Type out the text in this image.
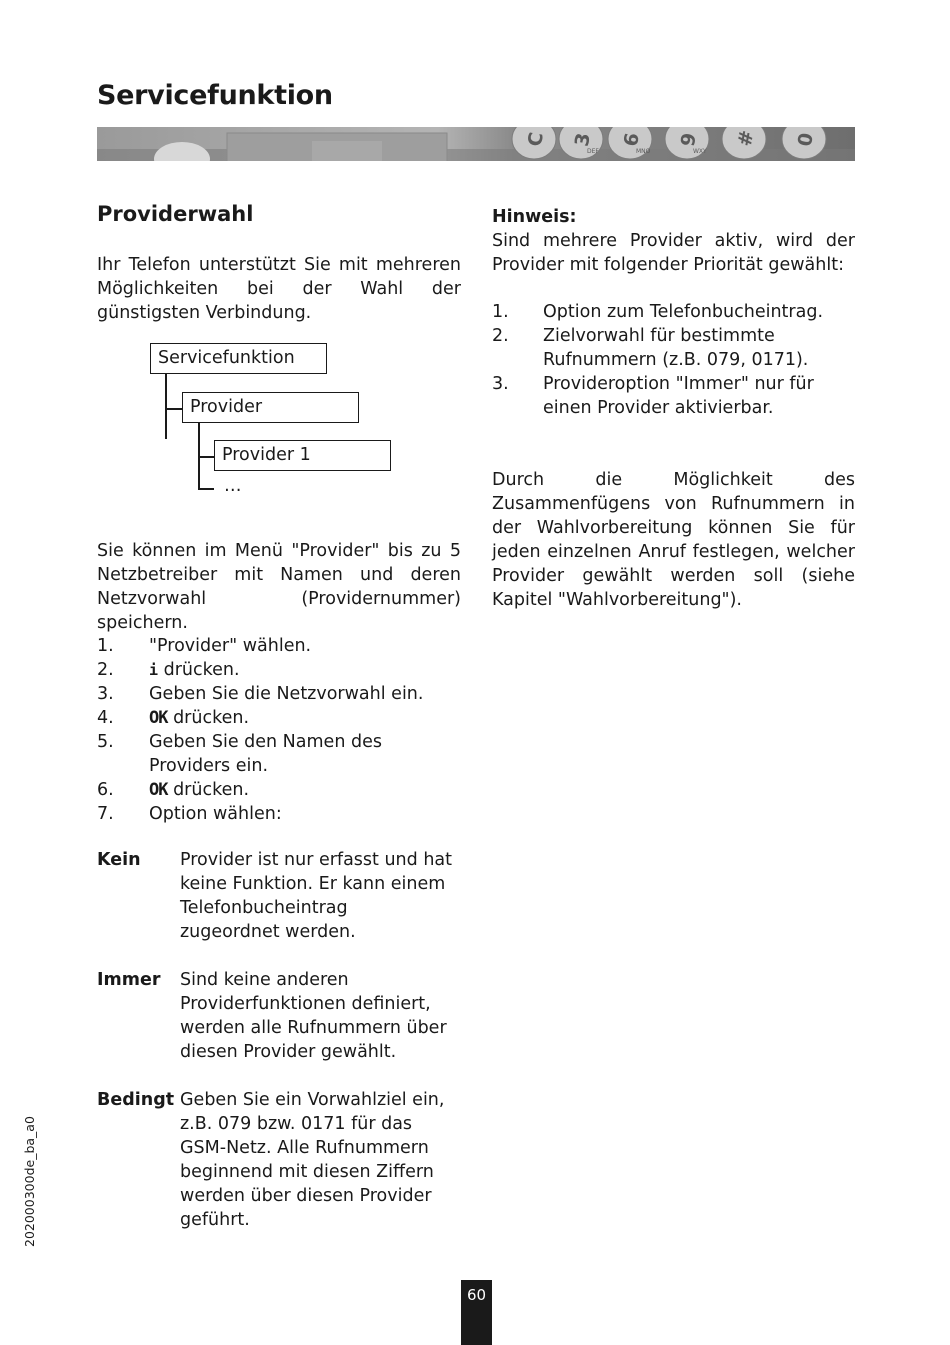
Servicefunktion
C 3
DEF
6
MNO
9
WXY
# 0
Providerwahl
Ihr Telefon unterstützt Sie mit mehreren Möglichkeiten bei der Wahl der günstigsten Verbindung.
Servicefunktion
Provider
Provider 1
…
Sie können im Menü "Provider" bis zu 5 Netzbetreiber mit Namen und deren Netzvorwahl (Providernummer) speichern.
1.	"Provider" wählen.
2.	i drücken.
3.	Geben Sie die Netzvorwahl ein.
4.	OK drücken.
5.	Geben Sie den Namen des Providers ein.
6.	OK drücken.
7.	Option wählen:
Kein	Provider ist nur erfasst und hat keine Funktion. Er kann einem Telefonbucheintrag zugeordnet werden.
Immer	Sind keine anderen Providerfunktionen definiert, werden alle Rufnummern über diesen Provider gewählt.
Bedingt Geben Sie ein Vorwahlziel ein, z.B. 079 bzw. 0171 für das GSM-Netz. Alle Rufnummern beginnend mit diesen Ziffern werden über diesen Provider geführt.
Hinweis:
Sind mehrere Provider aktiv, wird der Provider mit folgender Priorität gewählt:
1.	Option zum Telefonbucheintrag.
2.	Zielvorwahl für bestimmte Rufnummern (z.B. 079, 0171).
3.	Provideroption "Immer" nur für einen Provider aktivierbar.
Durch die Möglichkeit des Zusammenfügens von Rufnummern in der Wahlvorbereitung können Sie für jeden einzelnen Anruf festlegen, welcher Provider gewählt werden soll (siehe Kapitel "Wahlvorbereitung").
202000300de_ba_a0
60
